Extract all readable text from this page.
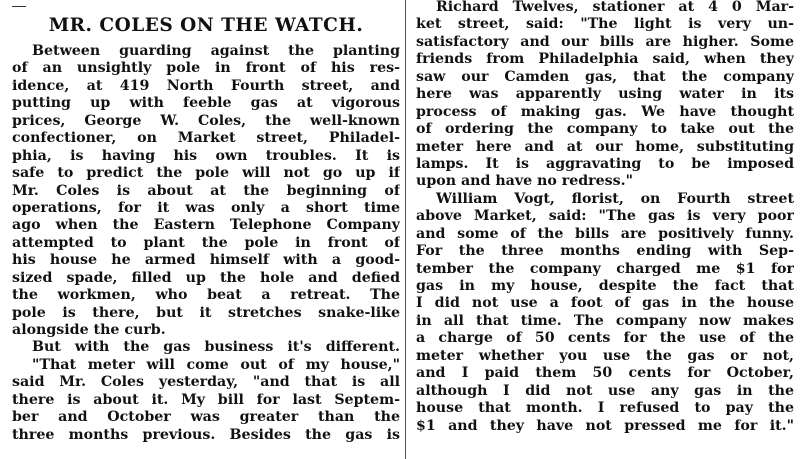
MR. COLES ON THE WATCH.
Between guarding against the planting
of an unsightly pole in front of his res-
idence, at 419 North Fourth street, and
putting up with feeble gas at vigorous
prices, George W. Coles, the well-known
confectioner, on Market street, Philadel-
phia, is having his own troubles. It is
safe to predict the pole will not go up if
Mr. Coles is about at the beginning of
operations, for it was only a short time
ago when the Eastern Telephone Company
attempted to plant the pole in front of
his house he armed himself with a good-
sized spade, filled up the hole and defied
the workmen, who beat a retreat. The
pole is there, but it stretches snake-like
alongside the curb.
But with the gas business it's different.
"That meter will come out of my house,"
said Mr. Coles yesterday, "and that is all
there is about it. My bill for last Septem-
ber and October was greater than the
three months previous. Besides the gas is
Richard Twelves, stationer at 4 0 Mar-
ket street, said: "The light is very un-
satisfactory and our bills are higher. Some
friends from Philadelphia said, when they
saw our Camden gas, that the company
here was apparently using water in its
process of making gas. We have thought
of ordering the company to take out the
meter here and at our home, substituting
lamps. It is aggravating to be imposed
upon and have no redress."
William Vogt, florist, on Fourth street
above Market, said: "The gas is very poor
and some of the bills are positively funny.
For the three months ending with Sep-
tember the company charged me $1 for
gas in my house, despite the fact that
I did not use a foot of gas in the house
in all that time. The company now makes
a charge of 50 cents for the use of the
meter whether you use the gas or not,
and I paid them 50 cents for October,
although I did not use any gas in the
house that month. I refused to pay the
$1 and they have not pressed me for it."
